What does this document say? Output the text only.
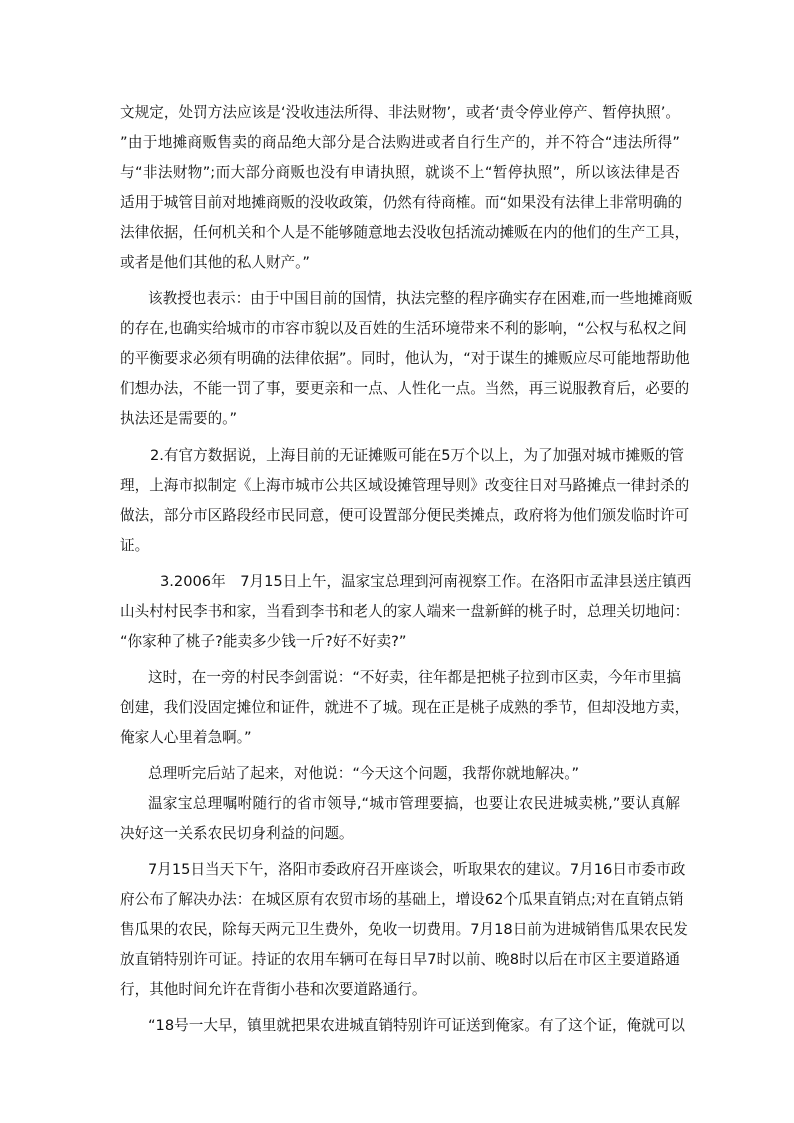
文规定，处罚方法应该是‘没收违法所得、非法财物’，或者‘责令停业停产、暂停执照’。
”由于地摊商贩售卖的商品绝大部分是合法购进或者自行生产的，并不符合“违法所得”
与“非法财物”;而大部分商贩也没有申请执照，就谈不上“暂停执照”，所以该法律是否
适用于城管目前对地摊商贩的没收政策，仍然有待商榷。而“如果没有法律上非常明确的
法律依据，任何机关和个人是不能够随意地去没收包括流动摊贩在内的他们的生产工具，
或者是他们其他的私人财产。”
该教授也表示：由于中国目前的国情，执法完整的程序确实存在困难,而一些地摊商贩
的存在,也确实给城市的市容市貌以及百姓的生活环境带来不利的影响，“公权与私权之间
的平衡要求必须有明确的法律依据”。同时，他认为，“对于谋生的摊贩应尽可能地帮助他
们想办法，不能一罚了事，要更亲和一点、人性化一点。当然，再三说服教育后，必要的
执法还是需要的。”
2.有官方数据说，上海目前的无证摊贩可能在5万个以上，为了加强对城市摊贩的管
理，上海市拟制定《上海市城市公共区域设摊管理导则》改变往日对马路摊点一律封杀的
做法，部分市区路段经市民同意，便可设置部分便民类摊点，政府将为他们颁发临时许可
证。
3.2006年　7月15日上午，温家宝总理到河南视察工作。在洛阳市孟津县送庄镇西
山头村村民李书和家，当看到李书和老人的家人端来一盘新鲜的桃子时，总理关切地问：
“你家种了桃子?能卖多少钱一斤?好不好卖?”
这时，在一旁的村民李剑雷说：“不好卖，往年都是把桃子拉到市区卖，今年市里搞
创建，我们没固定摊位和证件，就进不了城。现在正是桃子成熟的季节，但却没地方卖，
俺家人心里着急啊。”
总理听完后站了起来，对他说：“今天这个问题，我帮你就地解决。”
温家宝总理嘱咐随行的省市领导,“城市管理要搞，也要让农民进城卖桃,”要认真解
决好这一关系农民切身利益的问题。
7月15日当天下午，洛阳市委政府召开座谈会，听取果农的建议。7月16日市委市政
府公布了解决办法：在城区原有农贸市场的基础上，增设62个瓜果直销点;对在直销点销
售瓜果的农民，除每天两元卫生费外，免收一切费用。7月18日前为进城销售瓜果农民发
放直销特别许可证。持证的农用车辆可在每日早7时以前、晚8时以后在市区主要道路通
行，其他时间允许在背街小巷和次要道路通行。
“18号一大早，镇里就把果农进城直销特别许可证送到俺家。有了这个证，俺就可以
